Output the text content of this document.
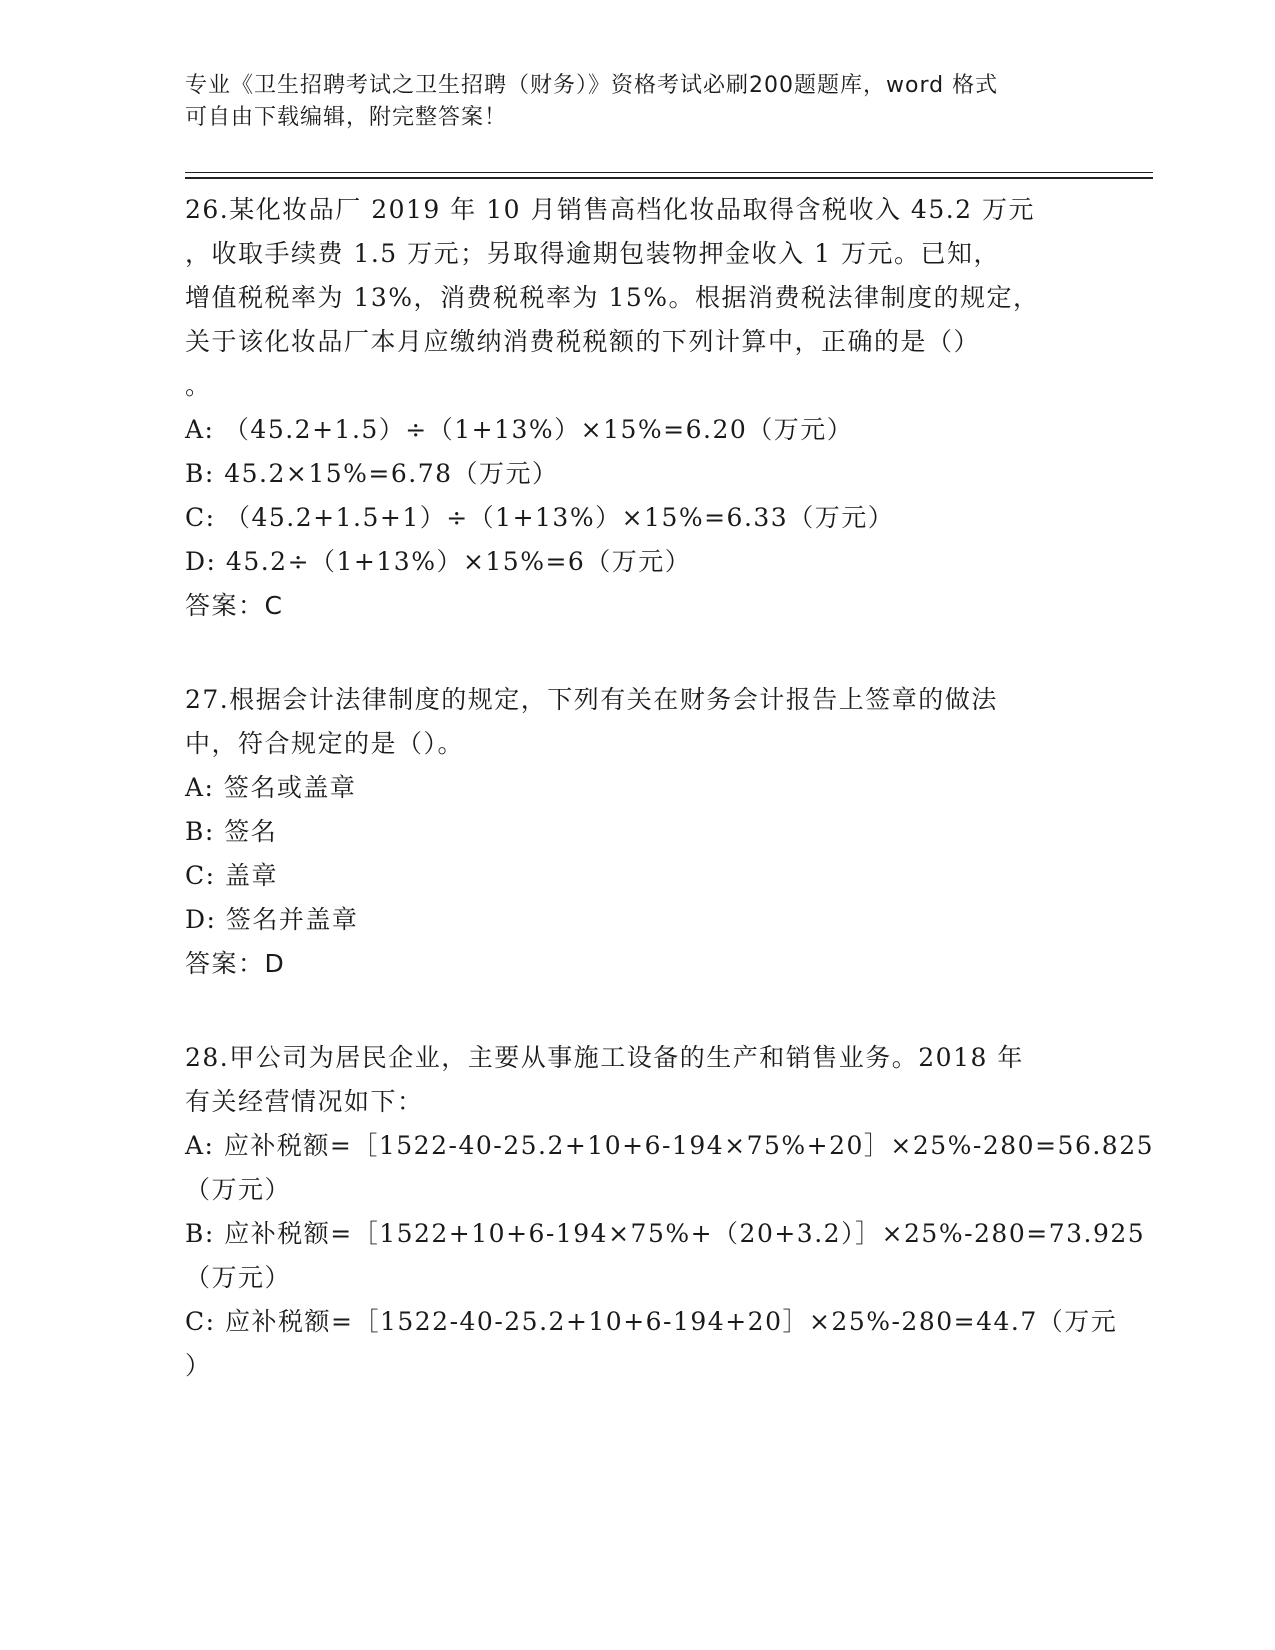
专业《卫生招聘考试之卫生招聘（财务）》资格考试必刷200题题库，word 格式
可自由下载编辑，附完整答案！
26.某化妆品厂 2019 年 10 月销售高档化妆品取得含税收入 45.2 万元
，收取手续费 1.5 万元；另取得逾期包装物押金收入 1 万元。已知，
增值税税率为 13%，消费税税率为 15%。根据消费税法律制度的规定，
关于该化妆品厂本月应缴纳消费税税额的下列计算中，正确的是（）
。
A: （45.2+1.5）÷（1+13%）×15%=6.20（万元）
B: 45.2×15%=6.78（万元）
C: （45.2+1.5+1）÷（1+13%）×15%=6.33（万元）
D: 45.2÷（1+13%）×15%=6（万元）
答案：C
27.根据会计法律制度的规定，下列有关在财务会计报告上签章的做法
中，符合规定的是（）。
A: 签名或盖章
B: 签名
C: 盖章
D: 签名并盖章
答案：D
28.甲公司为居民企业，主要从事施工设备的生产和销售业务。2018 年
有关经营情况如下：
A: 应补税额=［1522-40-25.2+10+6-194×75%+20］×25%-280=56.825
（万元）
B: 应补税额=［1522+10+6-194×75%+（20+3.2）］×25%-280=73.925
（万元）
C: 应补税额=［1522-40-25.2+10+6-194+20］×25%-280=44.7（万元
）
